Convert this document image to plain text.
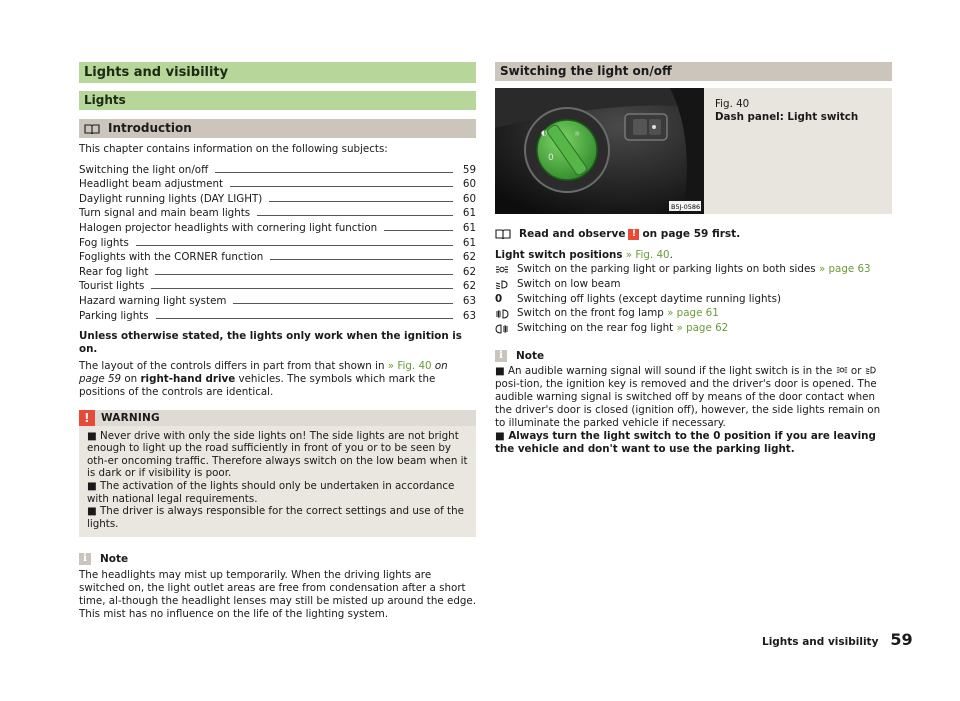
Lights and visibility
Lights
Introduction

This chapter contains information on the following subjects:

Switching the light on/off	59
Headlight beam adjustment	60
Daylight running lights (DAY LIGHT)	60
Turn signal and main beam lights	61
Halogen projector headlights with cornering light function	61
Fog lights	61
Foglights with the CORNER function	62
Rear fog light	62
Tourist lights	62
Hazard warning light system	63
Parking lights	63

Unless otherwise stated, the lights only work when the ignition is on.

The layout of the controls differs in part from that shown in » Fig. 40 on page 59 on right-hand drive vehicles. The symbols which mark the positions of the controls are identical.

!	WARNING

■ Never drive with only the side lights on! The side lights are not bright enough to light up the road sufficiently in front of you or to be seen by oth-er oncoming traffic. Therefore always switch on the low beam when it is dark or if visibility is poor.

■ The activation of the lights should only be undertaken in accordance with national legal requirements.

■ The driver is always responsible for the correct settings and use of the lights.

i	Note

The headlights may mist up temporarily. When the driving lights are switched on, the light outlet areas are free from condensation after a short time, al-though the headlight lenses may still be misted up around the edge. This mist has no influence on the life of the lighting system.

Switching the light on/off
0
☼
◐
B5J-0586
Fig. 40
Dash panel: Light switch
Read and observe ! on page 59 first.

Light switch positions » Fig. 40.

Switch on the parking light or parking lights on both sides » page 63
Switch on low beam
0	Switching off lights (except daytime running lights)
Switch on the front fog lamp » page 61
Switching on the rear fog light » page 62
i	Note

■ An audible warning signal will sound if the light switch is in the  or  posi-tion, the ignition key is removed and the driver's door is opened. The audible warning signal is switched off by means of the door contact when the driver's door is closed (ignition off), however, the side lights remain on to illuminate the parked vehicle if necessary.

■ Always turn the light switch to the 0 position if you are leaving the vehicle and don't want to use the parking light.

Lights and visibility 59
